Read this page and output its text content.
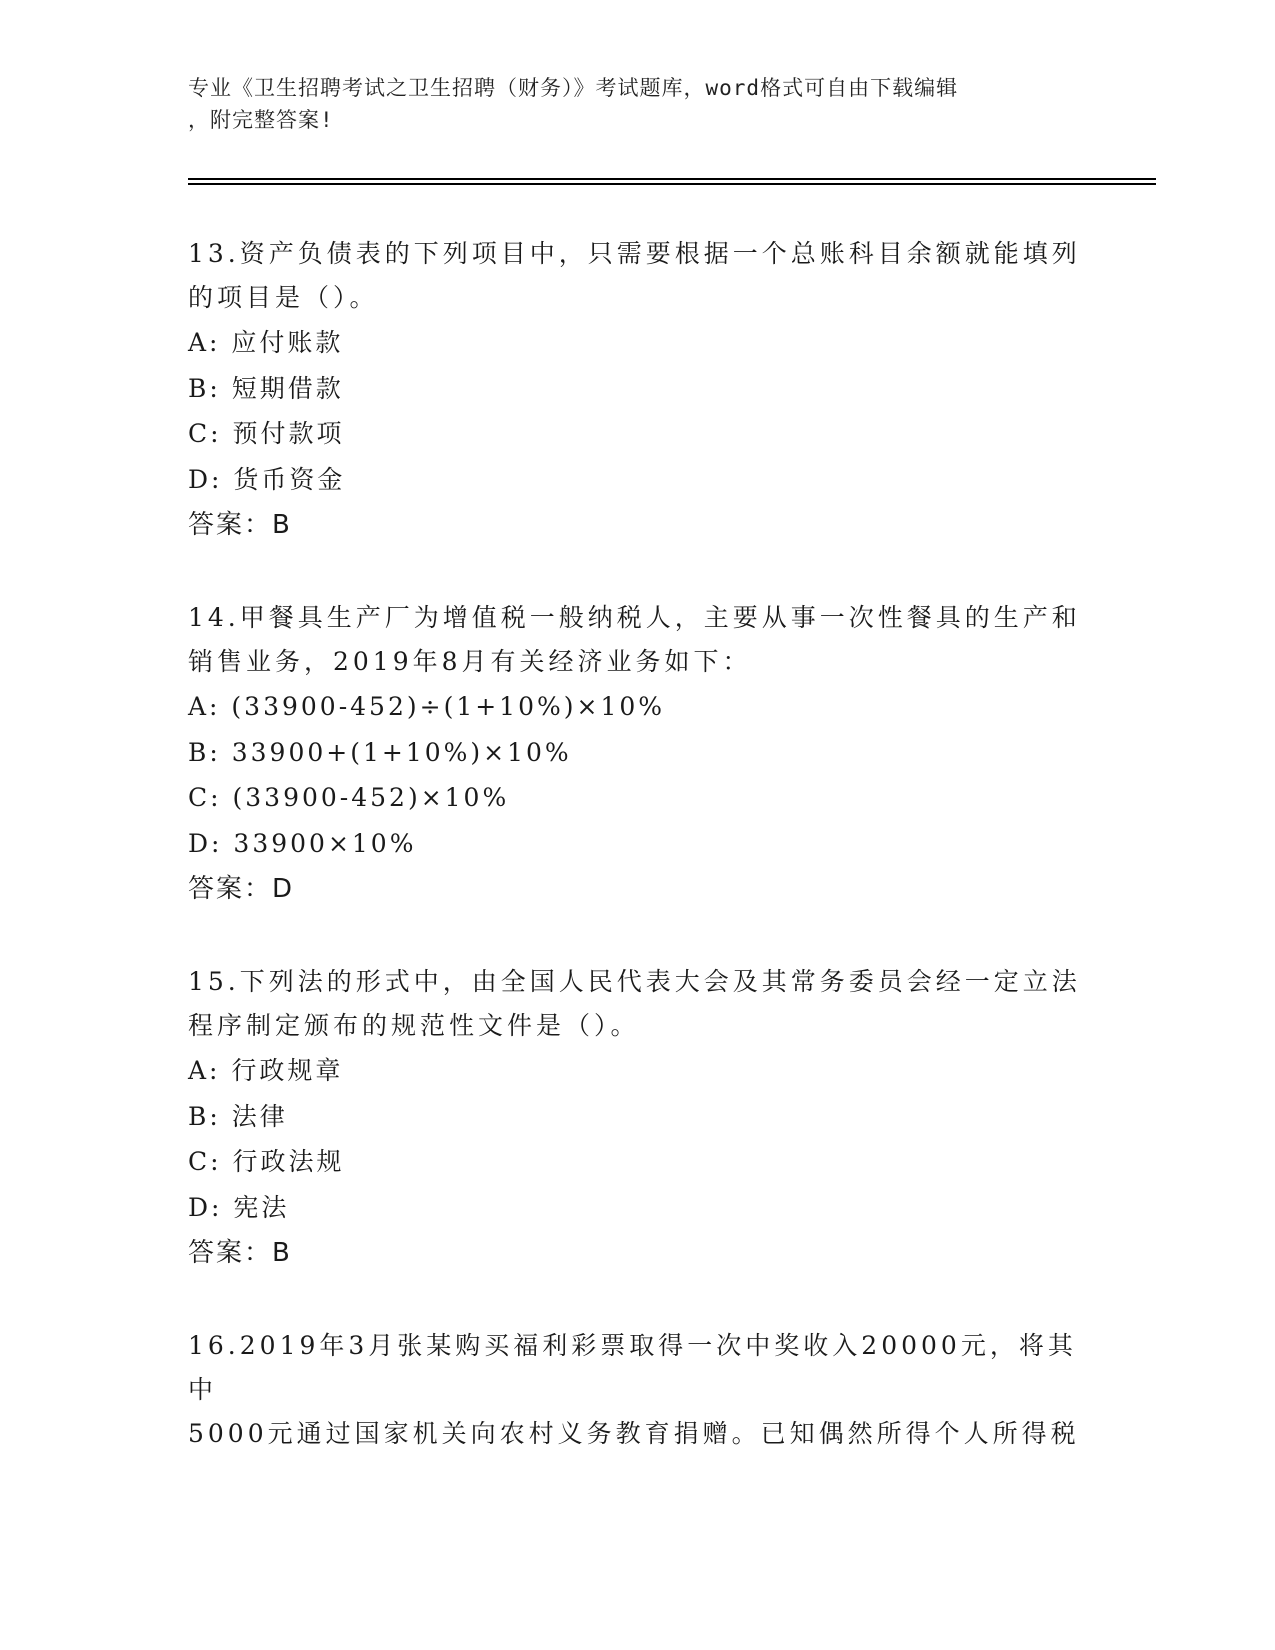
专业《卫生招聘考试之卫生招聘（财务）》考试题库，word格式可自由下载编辑
，附完整答案!

13.资产负债表的下列项目中，只需要根据一个总账科目余额就能填列

的项目是（）。

A: 应付账款

B: 短期借款

C: 预付款项

D: 货币资金

答案：B

14.甲餐具生产厂为增值税一般纳税人，主要从事一次性餐具的生产和

销售业务，2019年8月有关经济业务如下：

A: (33900-452)÷(1+10%)×10%

B: 33900+(1+10%)×10%

C: (33900-452)×10%

D: 33900×10%

答案：D

15.下列法的形式中，由全国人民代表大会及其常务委员会经一定立法

程序制定颁布的规范性文件是（）。

A: 行政规章

B: 法律

C: 行政法规

D: 宪法

答案：B

16.2019年3月张某购买福利彩票取得一次中奖收入20000元，将其中

5000元通过国家机关向农村义务教育捐赠。已知偶然所得个人所得税
